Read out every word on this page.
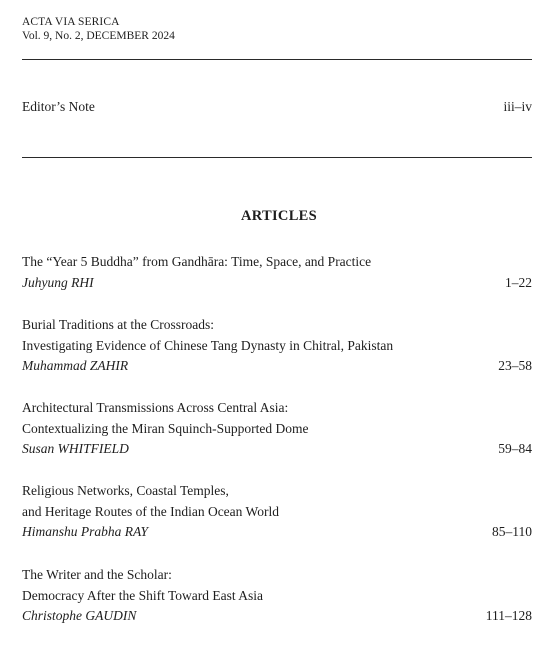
ACTA VIA SERICA
Vol. 9, No. 2, DECEMBER 2024
Editor’s Note	iii–iv
ARTICLES
The “Year 5 Buddha” from Gandhāra: Time, Space, and Practice
Juhyung RHI	1–22
Burial Traditions at the Crossroads:
Investigating Evidence of Chinese Tang Dynasty in Chitral, Pakistan
Muhammad ZAHIR	23–58
Architectural Transmissions Across Central Asia:
Contextualizing the Miran Squinch-Supported Dome
Susan WHITFIELD	59–84
Religious Networks, Coastal Temples,
and Heritage Routes of the Indian Ocean World
Himanshu Prabha RAY	85–110
The Writer and the Scholar:
Democracy After the Shift Toward East Asia
Christophe GAUDIN	111–128
